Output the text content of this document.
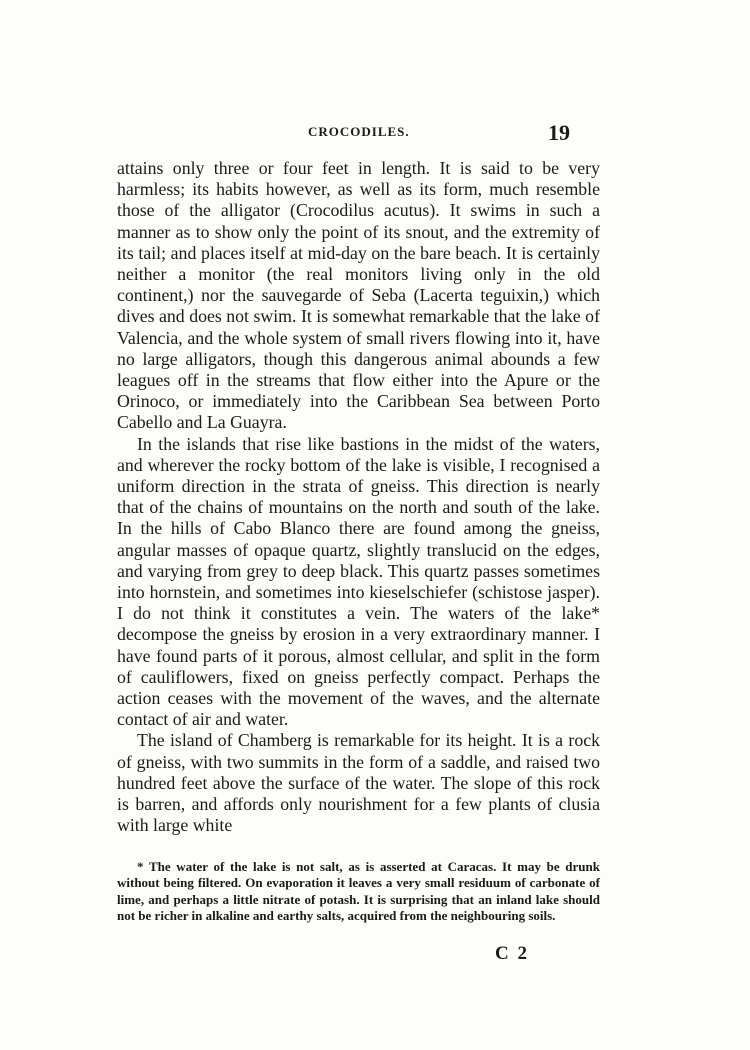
CROCODILES.	19

attains only three or four feet in length. It is said to be very harmless; its habits however, as well as its form, much resemble those of the alligator (Crocodilus acutus). It swims in such a manner as to show only the point of its snout, and the extremity of its tail; and places itself at mid-day on the bare beach. It is certainly neither a monitor (the real monitors living only in the old continent,) nor the sauvegarde of Seba (Lacerta teguixin,) which dives and does not swim. It is somewhat remarkable that the lake of Valencia, and the whole system of small rivers flowing into it, have no large alligators, though this dangerous animal abounds a few leagues off in the streams that flow either into the Apure or the Orinoco, or immediately into the Caribbean Sea between Porto Cabello and La Guayra.

In the islands that rise like bastions in the midst of the waters, and wherever the rocky bottom of the lake is visible, I recognised a uniform direction in the strata of gneiss. This direction is nearly that of the chains of mountains on the north and south of the lake. In the hills of Cabo Blanco there are found among the gneiss, angular masses of opaque quartz, slightly translucid on the edges, and varying from grey to deep black. This quartz passes sometimes into hornstein, and sometimes into kieselschiefer (schistose jasper). I do not think it constitutes a vein. The waters of the lake* decompose the gneiss by erosion in a very extraordinary manner. I have found parts of it porous, almost cellular, and split in the form of cauliflowers, fixed on gneiss perfectly compact. Perhaps the action ceases with the movement of the waves, and the alternate contact of air and water.

The island of Chamberg is remarkable for its height. It is a rock of gneiss, with two summits in the form of a saddle, and raised two hundred feet above the surface of the water. The slope of this rock is barren, and affords only nourishment for a few plants of clusia with large white

* The water of the lake is not salt, as is asserted at Caracas. It may be drunk without being filtered. On evaporation it leaves a very small residuum of carbonate of lime, and perhaps a little nitrate of potash. It is surprising that an inland lake should not be richer in alkaline and earthy salts, acquired from the neighbouring soils.

C 2
